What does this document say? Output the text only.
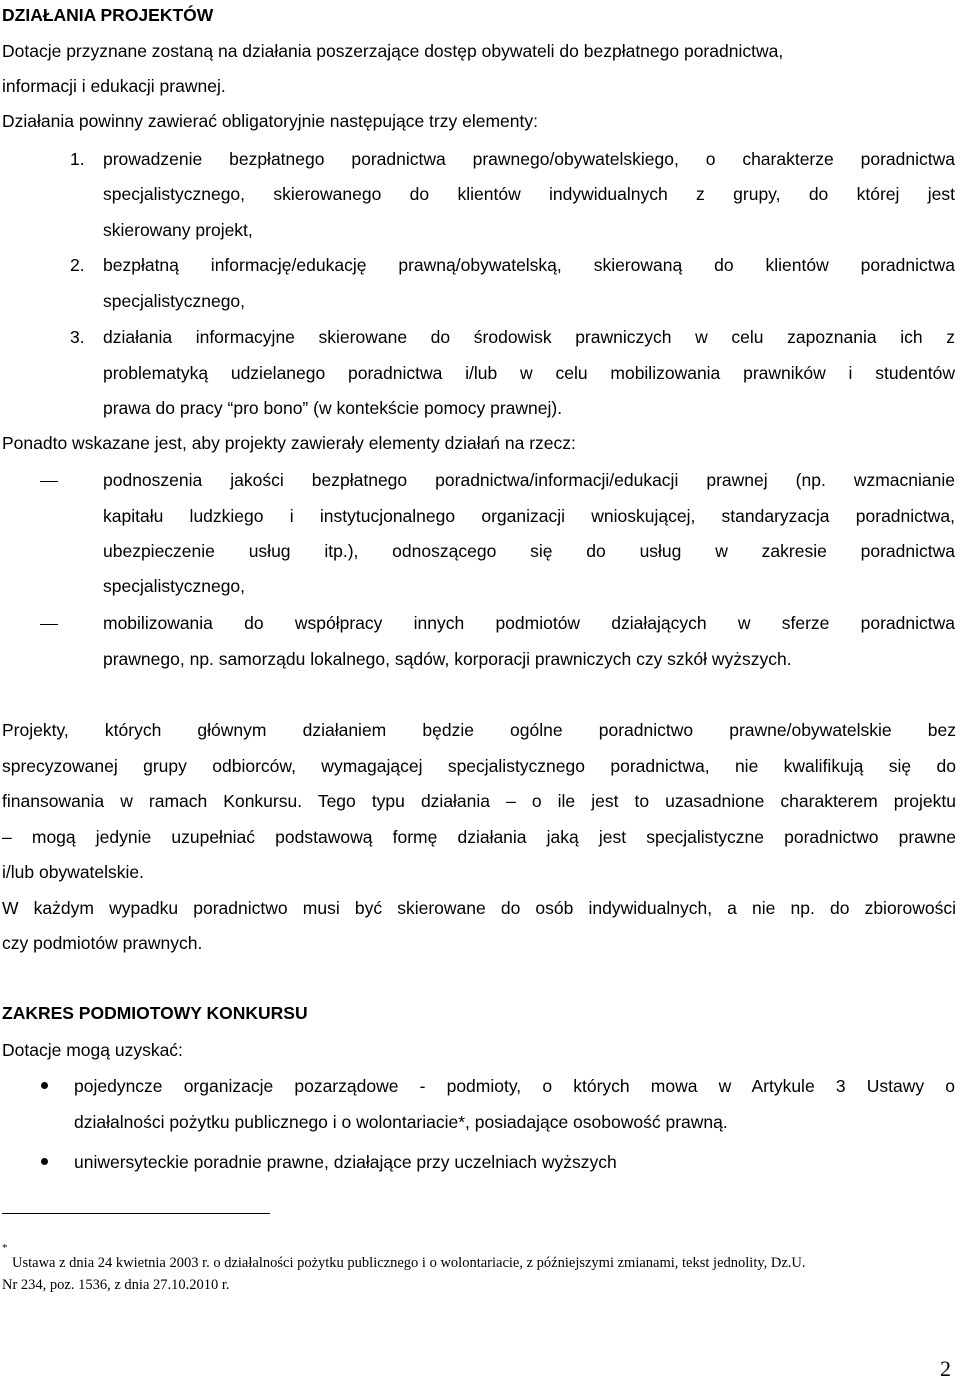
DZIAŁANIA PROJEKTÓW
Dotacje przyznane zostaną na działania poszerzające dostęp obywateli do bezpłatnego poradnictwa,
informacji i edukacji prawnej.
Działania powinny zawierać obligatoryjnie następujące trzy elementy:
1. prowadzenie bezpłatnego poradnictwa prawnego/obywatelskiego, o charakterze poradnictwa
specjalistycznego, skierowanego do klientów indywidualnych z grupy, do której jest
skierowany projekt,
2. bezpłatną informację/edukację prawną/obywatelską, skierowaną do klientów poradnictwa
specjalistycznego,
3. działania informacyjne skierowane do środowisk prawniczych w celu zapoznania ich z
problematyką udzielanego poradnictwa i/lub w celu mobilizowania prawników i studentów
prawa do pracy “pro bono” (w kontekście pomocy prawnej).
Ponadto wskazane jest, aby projekty zawierały elementy działań na rzecz:
podnoszenia jakości bezpłatnego poradnictwa/informacji/edukacji prawnej (np. wzmacnianie
kapitału ludzkiego i instytucjonalnego organizacji wnioskującej, standaryzacja poradnictwa,
ubezpieczenie usług itp.), odnoszącego się do usług w zakresie poradnictwa
specjalistycznego,
mobilizowania do współpracy innych podmiotów działających w sferze poradnictwa
prawnego, np. samorządu lokalnego, sądów, korporacji prawniczych czy szkół wyższych.
Projekty, których głównym działaniem będzie ogólne poradnictwo prawne/obywatelskie bez
sprecyzowanej grupy odbiorców, wymagającej specjalistycznego poradnictwa, nie kwalifikują się do
finansowania w ramach Konkursu. Tego typu działania – o ile jest to uzasadnione charakterem projektu
– mogą jedynie uzupełniać podstawową formę działania jaką jest specjalistyczne poradnictwo prawne
i/lub obywatelskie.
W każdym wypadku poradnictwo musi być skierowane do osób indywidualnych, a nie np. do zbiorowości
czy podmiotów prawnych.
ZAKRES PODMIOTOWY KONKURSU
Dotacje mogą uzyskać:
pojedyncze organizacje pozarządowe - podmioty, o których mowa w Artykule 3 Ustawy o
działalności pożytku publicznego i o wolontariacie*, posiadające osobowość prawną.
uniwersyteckie poradnie prawne, działające przy uczelniach wyższych
*
Ustawa z dnia 24 kwietnia 2003 r. o działalności pożytku publicznego i o wolontariacie, z późniejszymi zmianami, tekst jednolity, Dz.U.
Nr 234, poz. 1536, z dnia 27.10.2010 r.
2
